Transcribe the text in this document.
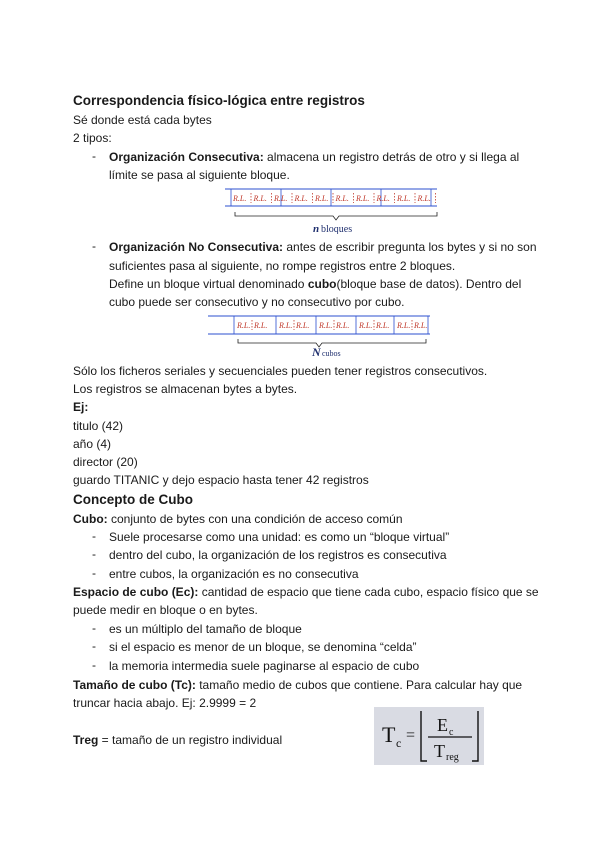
Correspondencia físico-lógica entre registros
Sé donde está cada bytes
2 tipos:
- Organización Consecutiva: almacena un registro detrás de otro y si llega al
límite se pasa al siguiente bloque.
R.L. R.L. R.L. R.L. R.L. R.L. R.L. R.L. R.L. R.L.
n bloques
- Organización No Consecutiva: antes de escribir pregunta los bytes y si no son
suficientes pasa al siguiente, no rompe registros entre 2 bloques.
Define un bloque virtual denominado cubo(bloque base de datos). Dentro del
cubo puede ser consecutivo y no consecutivo por cubo.
R.L. R.L. R.L. R.L. R.L. R.L. R.L. R.L. R.L. R.L.
N cubos
Sólo los ficheros seriales y secuenciales pueden tener registros consecutivos.
Los registros se almacenan bytes a bytes.
Ej:
titulo (42)
año (4)
director (20)
guardo TITANIC y dejo espacio hasta tener 42 registros
Concepto de Cubo
Cubo: conjunto de bytes con una condición de acceso común
- Suele procesarse como una unidad: es como un “bloque virtual”
- dentro del cubo, la organización de los registros es consecutiva
- entre cubos, la organización es no consecutiva
Espacio de cubo (Ec): cantidad de espacio que tiene cada cubo, espacio físico que se
puede medir en bloque o en bytes.
- es un múltiplo del tamaño de bloque
- si el espacio es menor de un bloque, se denomina “celda”
- la memoria intermedia suele paginarse al espacio de cubo
Tamaño de cubo (Tc): tamaño medio de cubos que contiene. Para calcular hay que
truncar hacia abajo. Ej: 2.9999 = 2
Treg = tamaño de un registro individual	T c =
E c
T reg
